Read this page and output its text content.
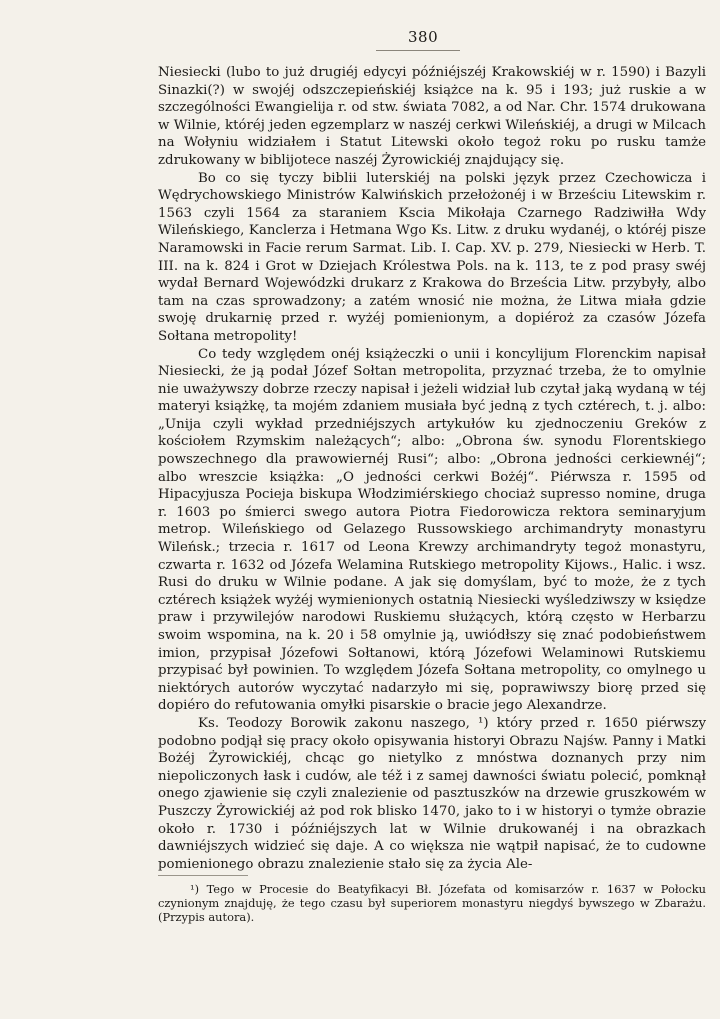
380

Niesiecki (lubo to już drugiéj edycyi późniéjszéj Krakowskiéj w r. 1590) i Bazyli Sinazki(?) w swojéj odszczepieńskiéj książce na k. 95 i 193; już ruskie a w szczególności Ewangielija r. od stw. świata 7082, a od Nar. Chr. 1574 drukowana w Wilnie, któréj jeden egzemplarz w naszéj cerkwi Wileńskiéj, a drugi w Milcach na Wołyniu widziałem i Statut Litewski około tegoż roku po rusku tamże zdrukowany w biblijotece naszéj Żyrowickiéj znajdujący się.

Bo co się tyczy biblii luterskiéj na polski język przez Czechowicza i Wędrychowskiego Ministrów Kalwińskich przełożonéj i w Brześciu Litewskim r. 1563 czyli 1564 za staraniem Kscia Mikołaja Czarnego Radziwiłła Wdy Wileńskiego, Kanclerza i Hetmana Wgo Ks. Litw. z druku wydanéj, o któréj pisze Naramowski in Facie rerum Sarmat. Lib. I. Cap. XV. p. 279, Niesiecki w Herb. T. III. na k. 824 i Grot w Dziejach Królestwa Pols. na k. 113, te z pod prasy swéj wydał Bernard Wojewódzki drukarz z Krakowa do Brześcia Litw. przybyły, albo tam na czas sprowadzony; a zatém wnosić nie można, że Litwa miała gdzie swoję drukarnię przed r. wyżéj pomienionym, a dopiéroż za czasów Józefa Sołtana metropolity!

Co tedy względem onéj książeczki o unii i koncylijum Florenckim napisał Niesiecki, że ją podał Józef Sołtan metropolita, przyznać trzeba, że to omylnie nie uważywszy dobrze rzeczy napisał i jeżeli widział lub czytał jaką wydaną w téj materyi książkę, ta mojém zdaniem musiała być jedną z tych cztérech, t. j. albo: „Unija czyli wykład przedniéjszych artykułów ku zjednoczeniu Greków z kościołem Rzymskim należących“; albo: „Obrona św. synodu Florentskiego powszechnego dla prawowiernéj Rusi“; albo: „Obrona jedności cerkiewnéj“; albo wreszcie książka: „O jedności cerkwi Bożéj“. Piérwsza r. 1595 od Hipacyjusza Pocieja biskupa Włodzimiérskiego chociaż supresso nomine, druga r. 1603 po śmierci swego autora Piotra Fiedorowicza rektora seminaryjum metrop. Wileńskiego od Gelazego Russowskiego archimandryty monastyru Wileńsk.; trzecia r. 1617 od Leona Krewzy archimandryty tegoż monastyru, czwarta r. 1632 od Józefa Welamina Rutskiego metropolity Kijows., Halic. i wsz. Rusi do druku w Wilnie podane. A jak się domyślam, być to może, że z tych cztérech książek wyżéj wymienionych ostatnią Niesiecki wyśledziwszy w księdze praw i przywilejów narodowi Ruskiemu służących, którą często w Herbarzu swoim wspomina, na k. 20 i 58 omylnie ją, uwiódłszy się znać podobieństwem imion, przypisał Józefowi Sołtanowi, którą Józefowi Welaminowi Rutskiemu przypisać był powinien. To względem Józefa Sołtana metropolity, co omylnego u niektórych autorów wyczytać nadarzyło mi się, poprawiwszy biorę przed się dopiéro do refutowania omyłki pisarskie o bracie jego Alexandrze.

Ks. Teodozy Borowik zakonu naszego, ¹) który przed r. 1650 piérwszy podobno podjął się pracy około opisywania historyi Obrazu Najśw. Panny i Matki Bożéj Żyrowickiéj, chcąc go nietylko z mnóstwa doznanych przy nim niepoliczonych łask i cudów, ale též i z samej dawności światu polecić, pomknął onego zjawienie się czyli znalezienie od pasztuszków na drzewie gruszkowém w Puszczy Żyrowickiéj aż pod rok blisko 1470, jako to i w historyi o tymże obrazie około r. 1730 i późniéjszych lat w Wilnie drukowanéj i na obrazkach dawniéjszych widzieć się daje. A co większa nie wątpił napisać, że to cudowne pomienionego obrazu znalezienie stało się za życia Ale-

¹) Tego w Procesie do Beatyfikacyi Bł. Józefata od komisarzów r. 1637 w Połocku czynionym znajduję, że tego czasu był superiorem monastyru niegdyś bywszego w Zbarażu. (Przypis autora).
